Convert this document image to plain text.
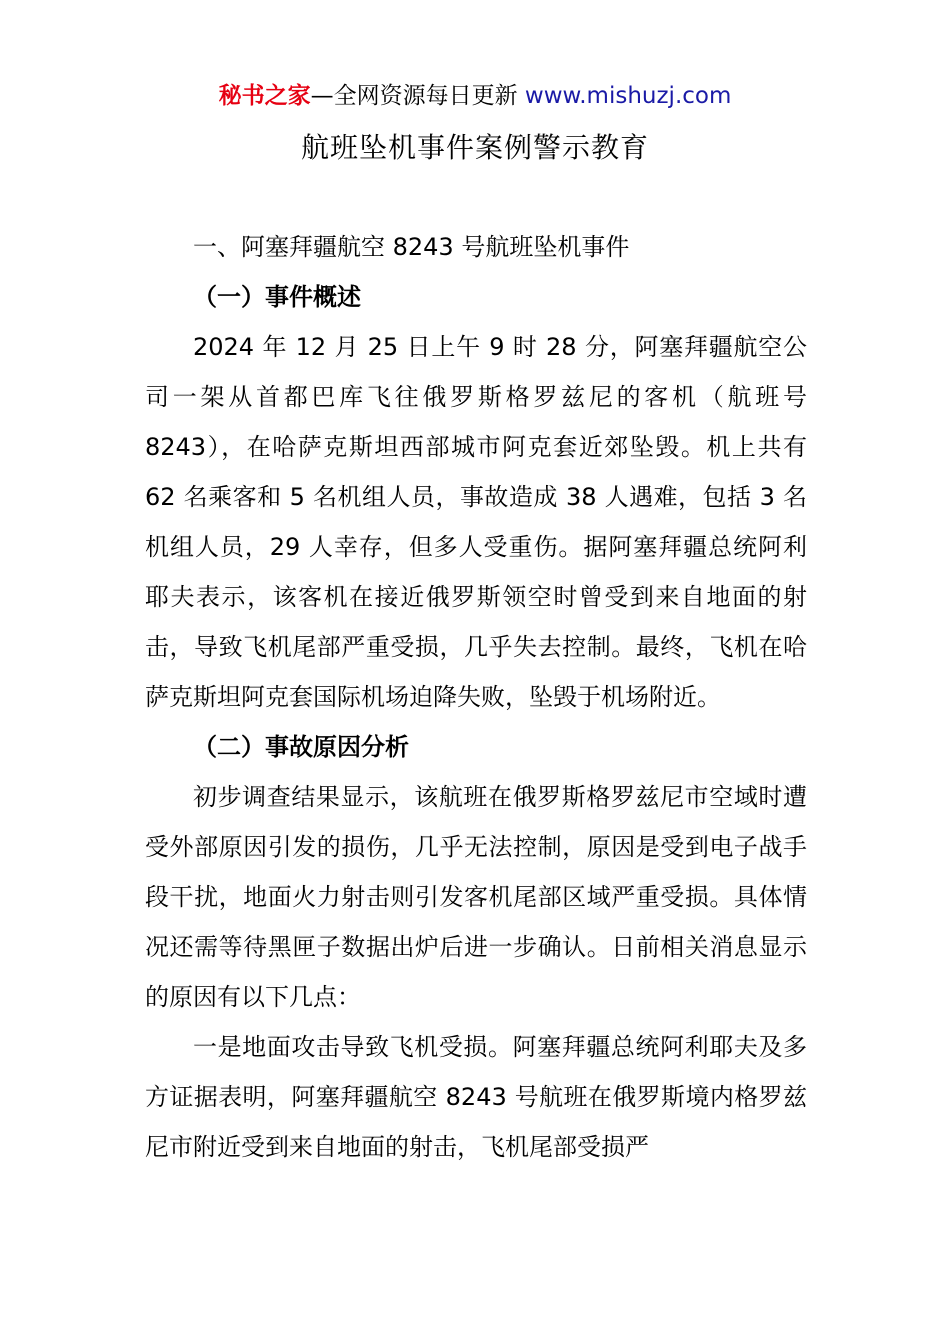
秘书之家—全网资源每日更新 www.mishuzj.com
航班坠机事件案例警示教育

一、阿塞拜疆航空 8243 号航班坠机事件

（一）事件概述

2024 年 12 月 25 日上午 9 时 28 分，阿塞拜疆航空公司一架从首都巴库飞往俄罗斯格罗兹尼的客机（航班号 8243），在哈萨克斯坦西部城市阿克套近郊坠毁。机上共有 62 名乘客和 5 名机组人员，事故造成 38 人遇难，包括 3 名机组人员，29 人幸存，但多人受重伤。据阿塞拜疆总统阿利耶夫表示，该客机在接近俄罗斯领空时曾受到来自地面的射击，导致飞机尾部严重受损，几乎失去控制。最终，飞机在哈萨克斯坦阿克套国际机场迫降失败，坠毁于机场附近。

（二）事故原因分析

初步调查结果显示，该航班在俄罗斯格罗兹尼市空域时遭受外部原因引发的损伤，几乎无法控制，原因是受到电子战手段干扰，地面火力射击则引发客机尾部区域严重受损。具体情况还需等待黑匣子数据出炉后进一步确认。日前相关消息显示的原因有以下几点：

一是地面攻击导致飞机受损。阿塞拜疆总统阿利耶夫及多方证据表明，阿塞拜疆航空 8243 号航班在俄罗斯境内格罗兹尼市附近受到来自地面的射击，飞机尾部受损严
